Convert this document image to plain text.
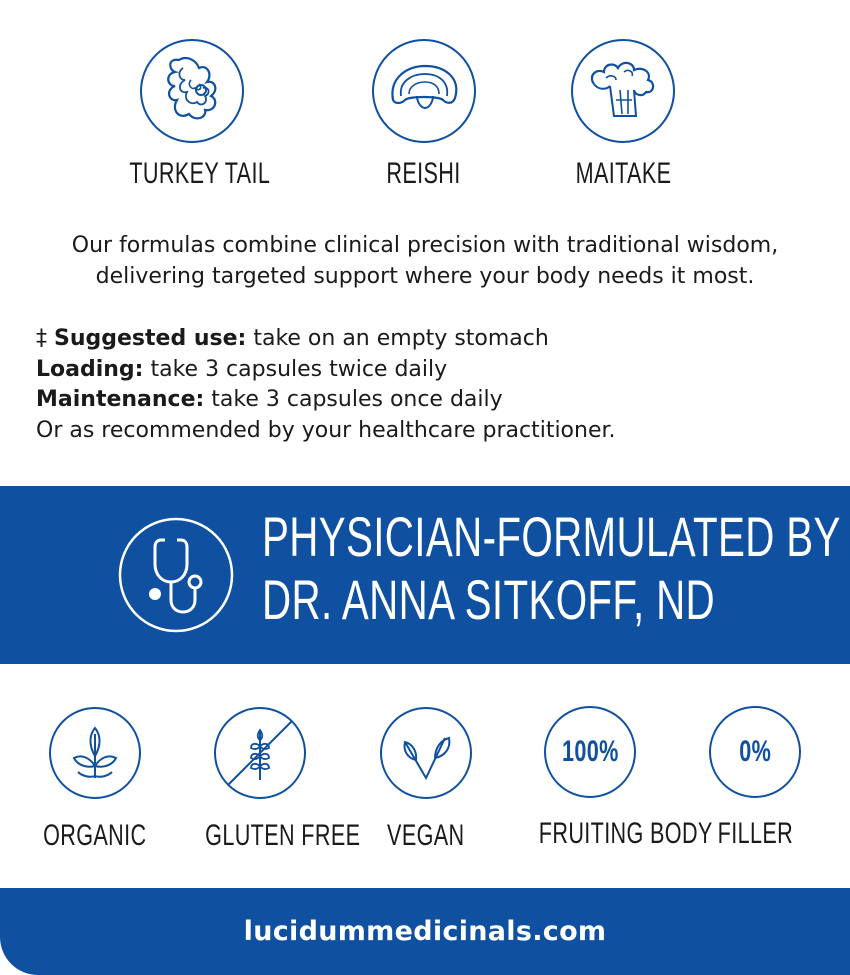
TURKEY TAIL	REISHI	MAITAKE
Our formulas combine clinical precision with traditional wisdom,
delivering targeted support where your body needs it most.
‡ Suggested use: take on an empty stomach
Loading: take 3 capsules twice daily
Maintenance: take 3 capsules once daily
Or as recommended by your healthcare practitioner.
PHYSICIAN-FORMULATED BY
DR. ANNA SITKOFF, ND
ORGANIC	GLUTEN FREE VEGAN
100%
FRUITING BODY
0%
FILLER
lucidummedicinals.com
